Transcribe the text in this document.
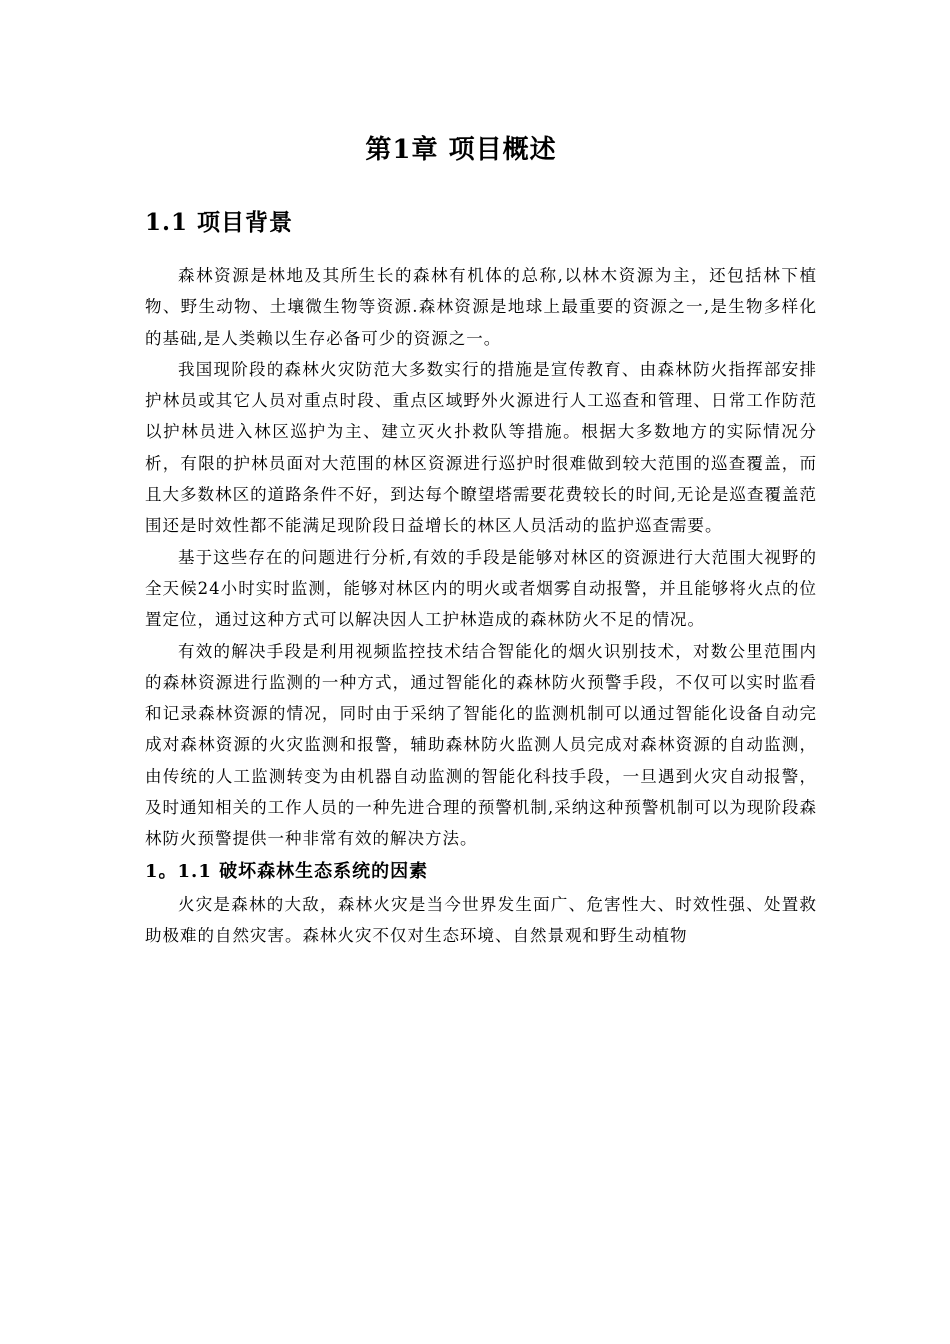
第1章 项目概述
1.1 项目背景

森林资源是林地及其所生长的森林有机体的总称,以林木资源为主，还包括林下植物、野生动物、土壤微生物等资源.森林资源是地球上最重要的资源之一,是生物多样化的基础,是人类赖以生存必备可少的资源之一。

我国现阶段的森林火灾防范大多数实行的措施是宣传教育、由森林防火指挥部安排护林员或其它人员对重点时段、重点区域野外火源进行人工巡查和管理、日常工作防范以护林员进入林区巡护为主、建立灭火扑救队等措施。根据大多数地方的实际情况分析，有限的护林员面对大范围的林区资源进行巡护时很难做到较大范围的巡查覆盖，而且大多数林区的道路条件不好，到达每个瞭望塔需要花费较长的时间,无论是巡查覆盖范围还是时效性都不能满足现阶段日益增长的林区人员活动的监护巡查需要。

基于这些存在的问题进行分析,有效的手段是能够对林区的资源进行大范围大视野的全天候24小时实时监测，能够对林区内的明火或者烟雾自动报警，并且能够将火点的位置定位，通过这种方式可以解决因人工护林造成的森林防火不足的情况。

有效的解决手段是利用视频监控技术结合智能化的烟火识别技术，对数公里范围内的森林资源进行监测的一种方式，通过智能化的森林防火预警手段，不仅可以实时监看和记录森林资源的情况，同时由于采纳了智能化的监测机制可以通过智能化设备自动完成对森林资源的火灾监测和报警，辅助森林防火监测人员完成对森林资源的自动监测，由传统的人工监测转变为由机器自动监测的智能化科技手段，一旦遇到火灾自动报警，及时通知相关的工作人员的一种先进合理的预警机制,采纳这种预警机制可以为现阶段森林防火预警提供一种非常有效的解决方法。

1。1.1 破坏森林生态系统的因素

火灾是森林的大敌，森林火灾是当今世界发生面广、危害性大、时效性强、处置救助极难的自然灾害。森林火灾不仅对生态环境、自然景观和野生动植物
